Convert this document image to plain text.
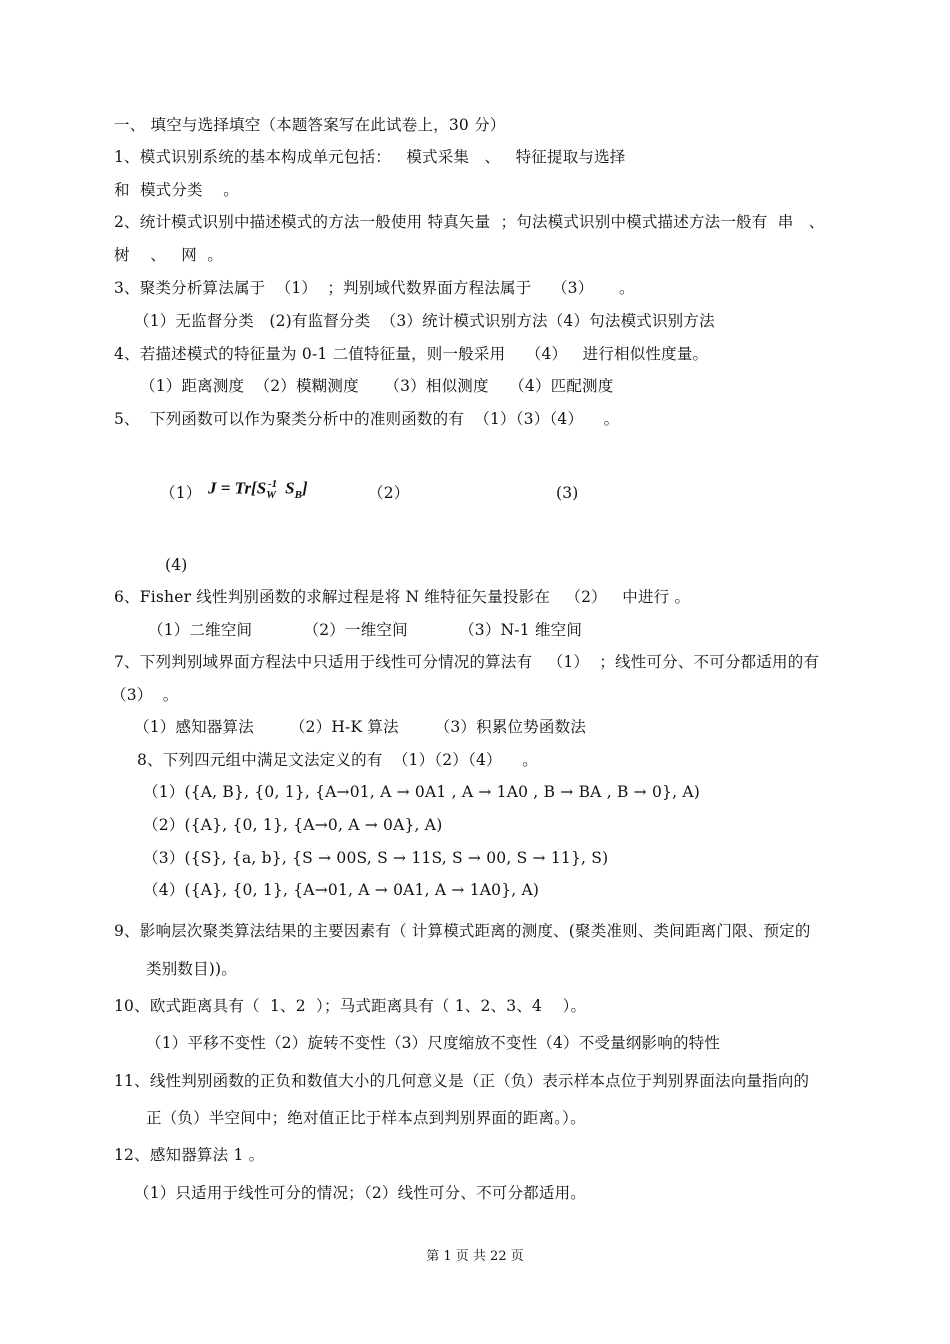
一、 填空与选择填空（本题答案写在此试卷上，30 分）
1、模式识别系统的基本构成单元包括：   模式采集   、   特征提取与选择
和  模式分类    。
2、统计模式识别中描述模式的方法一般使用 特真矢量  ；句法模式识别中模式描述方法一般有  串   、
树    、   网  。
3、聚类分析算法属于  （1）  ；判别域代数界面方程法属于    （3）     。
（1）无监督分类   (2)有监督分类  （3）统计模式识别方法（4）句法模式识别方法
4、若描述模式的特征量为 0-1 二值特征量，则一般采用    （4）   进行相似性度量。
（1）距离测度  （2）模糊测度     （3）相似测度    （4）匹配测度
5、  下列函数可以作为聚类分析中的准则函数的有  （1）（3）（4）    。
（1） $J = Tr[S_W^{-1}$ $S_B$]	（2）	(3)
(4)
6、Fisher 线性判别函数的求解过程是将 N 维特征矢量投影在   （2）   中进行 。
（1）二维空间          （2）一维空间          （3）N-1 维空间
7、下列判别域界面方程法中只适用于线性可分情况的算法有   （1）  ；线性可分、不可分都适用的有
（3）  。
（1）感知器算法       （2）H-K 算法       （3）积累位势函数法
8、下列四元组中满足文法定义的有  （1）（2）（4）    。
（1）({A, B}, {0, 1}, {A→01, A → 0A1 , A → 1A0 , B → BA , B → 0}, A)
（2）({A}, {0, 1}, {A→0, A → 0A}, A)
（3）({S}, {a, b}, {S → 00S, S → 11S, S → 00, S → 11}, S)
（4）({A}, {0, 1}, {A→01, A → 0A1, A → 1A0}, A)
9、影响层次聚类算法结果的主要因素有（ 计算模式距离的测度、(聚类准则、类间距离门限、预定的
类别数目))。
10、欧式距离具有（  1、2  ）；马式距离具有（ 1、2、3、4    ）。
（1）平移不变性（2）旋转不变性（3）尺度缩放不变性（4）不受量纲影响的特性
11、线性判别函数的正负和数值大小的几何意义是（正（负）表示样本点位于判别界面法向量指向的
正（负）半空间中；绝对值正比于样本点到判别界面的距离。）。
12、感知器算法 1 。
（1）只适用于线性可分的情况；（2）线性可分、不可分都适用。
第 1 页 共 22 页
